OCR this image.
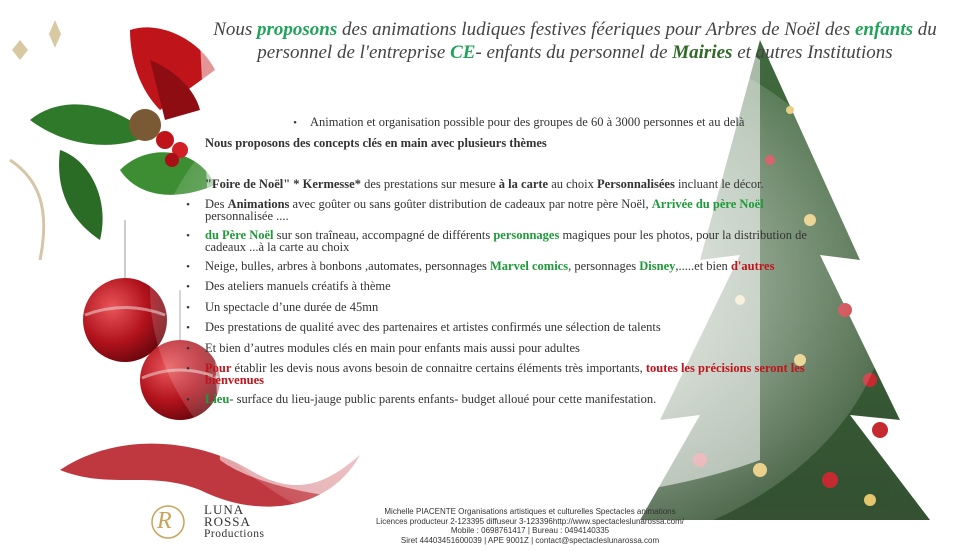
Nous proposons des animations ludiques festives féeriques pour Arbres de Noël des enfants du personnel de l'entreprise CE- enfants du personnel de Mairies et autres Institutions
• Animation et organisation possible pour des groupes de 60 à 3000 personnes et au delà
Nous proposons des concepts clés en main avec plusieurs thèmes
"Foire de Noël" * Kermesse* des prestations sur mesure à la carte au choix Personnalisées incluant le décor.
• Des Animations avec goûter ou sans goûter distribution de cadeaux par notre père Noël, Arrivée du père Noël
personnalisée ....
• du Père Noël sur son traîneau, accompagné de différents personnages magiques pour les photos, pour la distribution de
cadeaux ...à la carte au choix
• Neige, bulles, arbres à bonbons ,automates, personnages Marvel comics, personnages Disney,.....et bien d'autres
• Des ateliers manuels créatifs à thème
• Un spectacle d’une durée de 45mn
• Des prestations de qualité avec des partenaires et artistes confirmés une sélection de talents
• Et bien d’autres modules clés en main pour enfants mais aussi pour adultes
• Pour établir les devis nous avons besoin de connaitre certains éléments très importants, toutes les précisions seront les
bienvenues
• Lieu- surface du lieu-jauge public parents enfants- budget alloué pour cette manifestation.
R LUNA
ROSSA
Productions
Michelle PIACENTE Organisations artistiques et culturelles Spectacles animations
Licences producteur 2-123395 diffuseur 3-123396http://www.spectacleslunarossa.com/
Mobile : 0698761417 | Bureau : 0494140335
Siret 44403451600039 | APE 9001Z | contact@spectacleslunarossa.com
